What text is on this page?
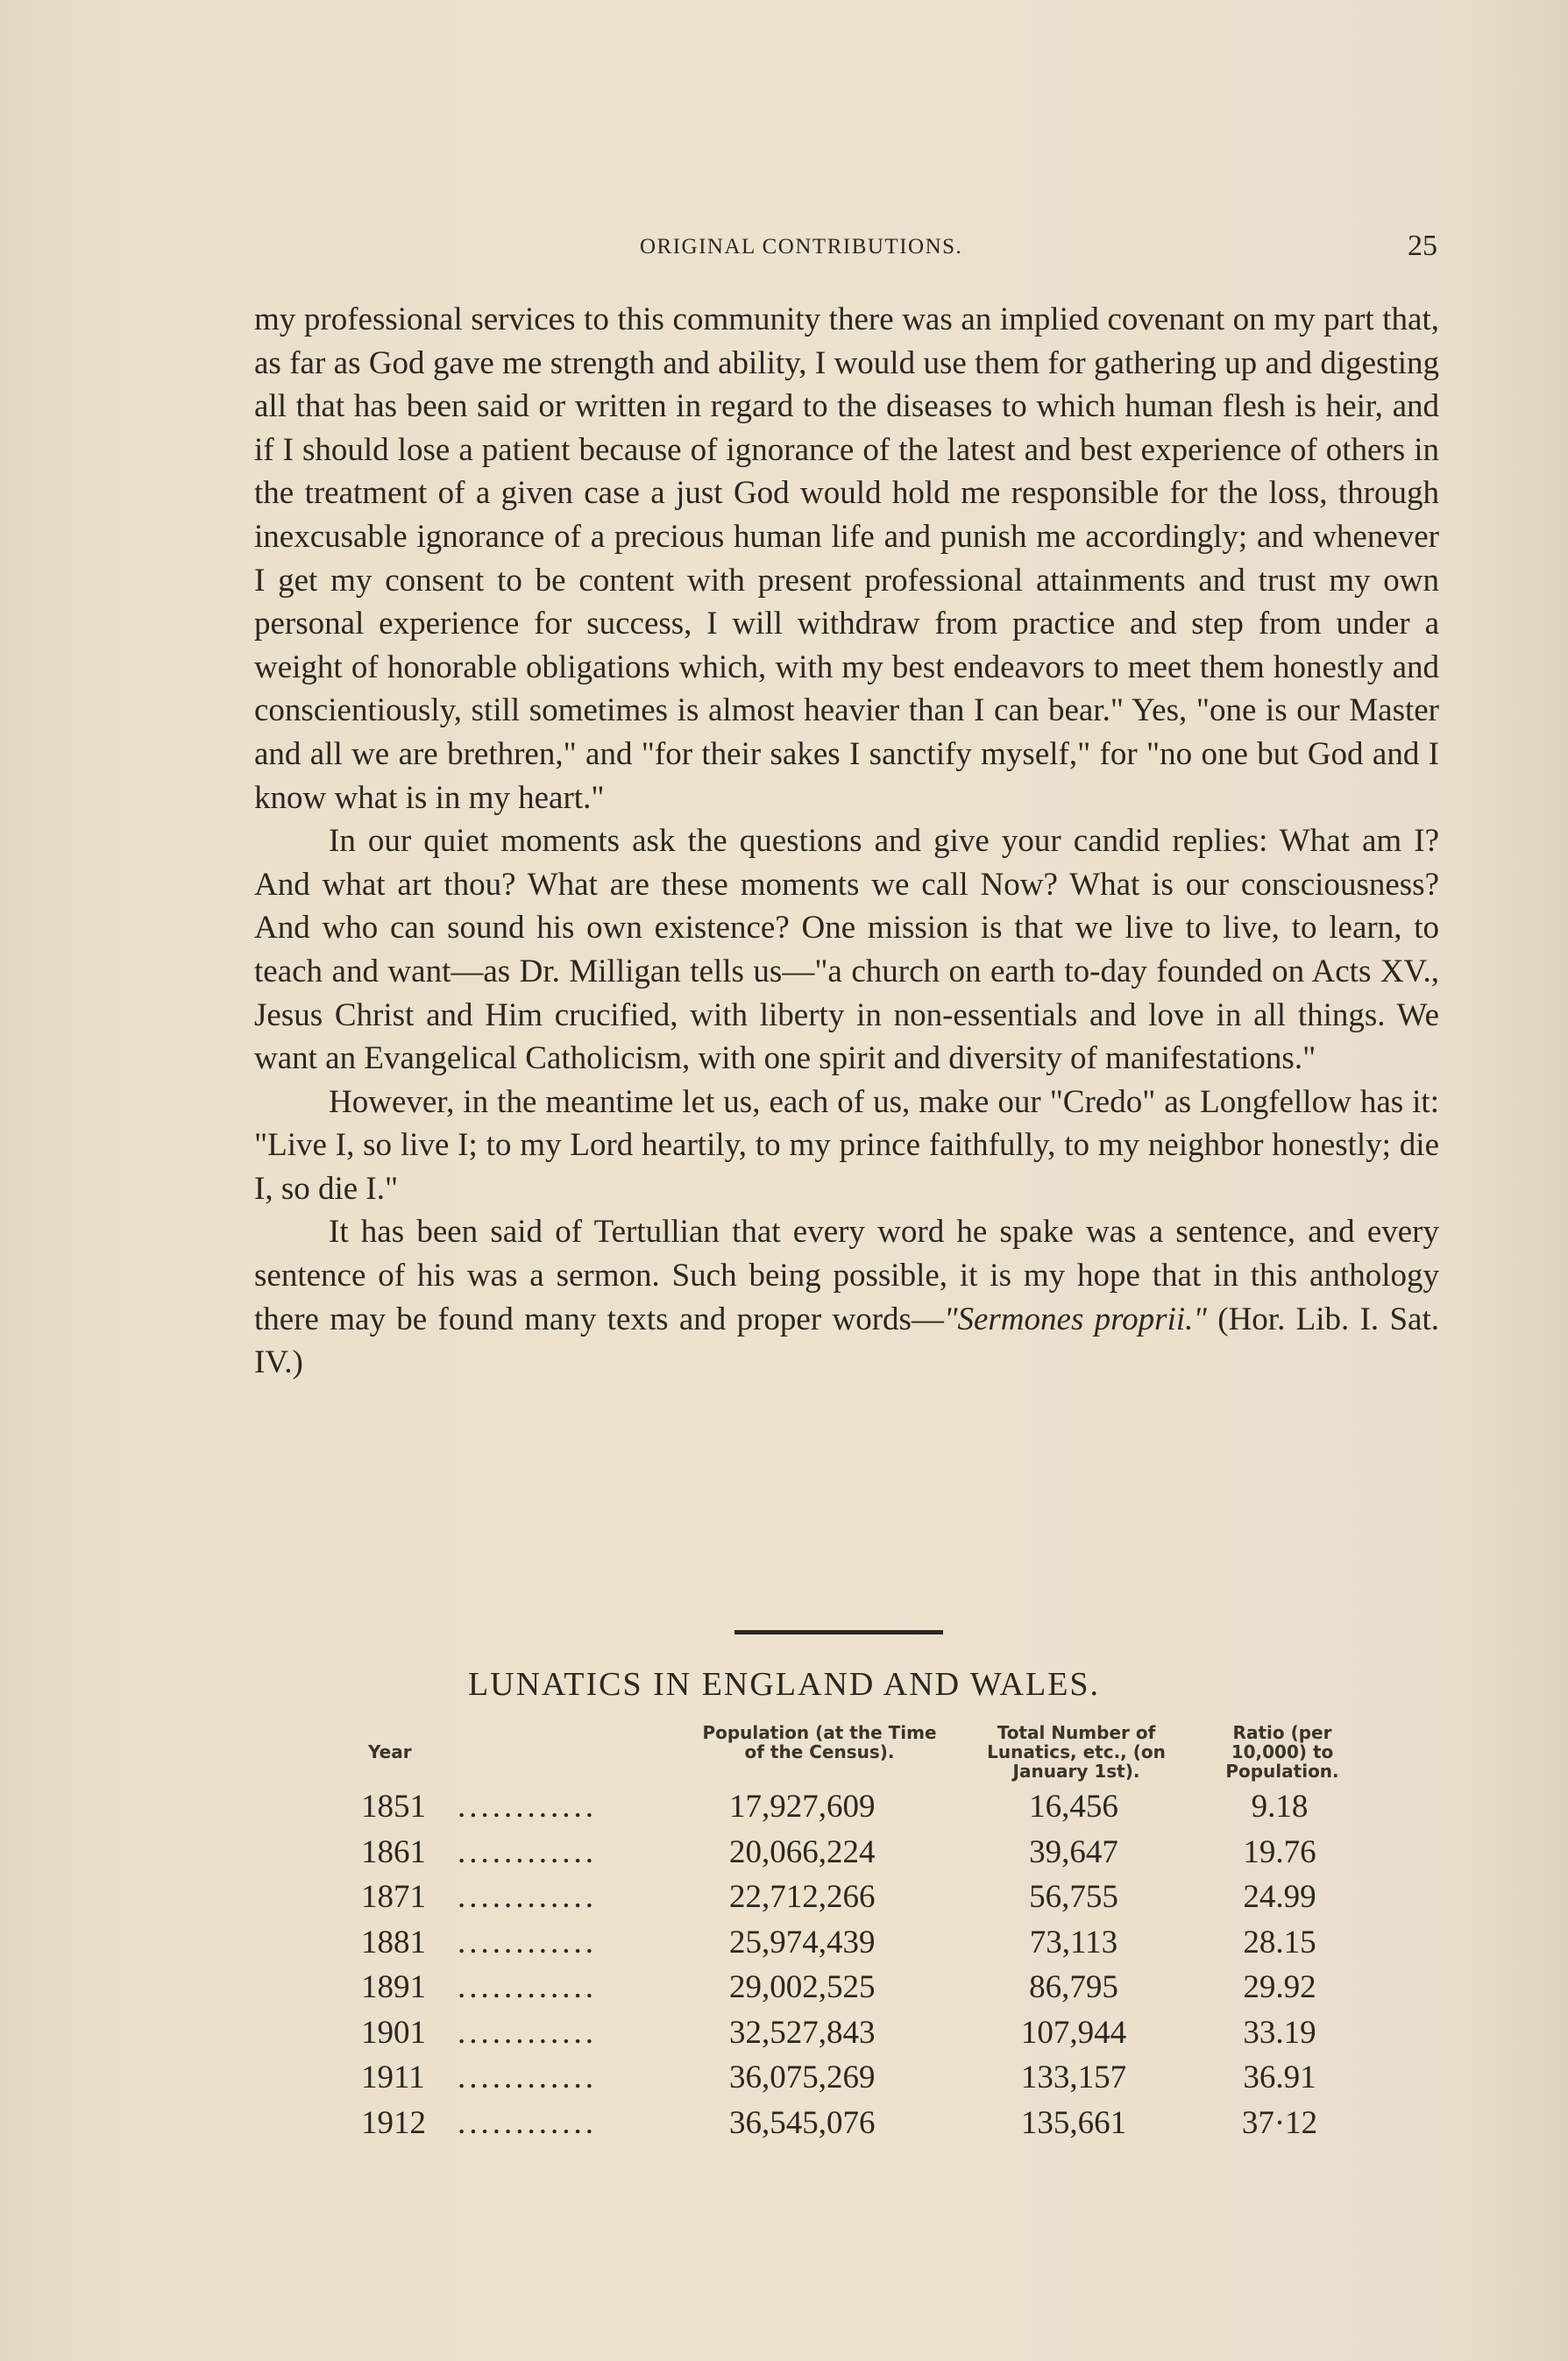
ORIGINAL CONTRIBUTIONS.	25

my professional services to this community there was an implied covenant on my part that, as far as God gave me strength and ability, I would use them for gathering up and digesting all that has been said or written in regard to the diseases to which human flesh is heir, and if I should lose a patient because of ignorance of the latest and best experience of others in the treatment of a given case a just God would hold me responsible for the loss, through inexcusable ignorance of a precious human life and punish me accordingly; and whenever I get my consent to be content with present professional attainments and trust my own personal experience for success, I will withdraw from practice and step from under a weight of honorable obligations which, with my best endeavors to meet them honestly and conscientiously, still sometimes is almost heavier than I can bear." Yes, "one is our Master and all we are brethren," and "for their sakes I sanctify myself," for "no one but God and I know what is in my heart."

In our quiet moments ask the questions and give your candid replies: What am I? And what art thou? What are these moments we call Now? What is our consciousness? And who can sound his own existence? One mission is that we live to live, to learn, to teach and want—as Dr. Milligan tells us—"a church on earth to-day founded on Acts XV., Jesus Christ and Him crucified, with liberty in non-essentials and love in all things. We want an Evangelical Catholicism, with one spirit and diversity of manifestations."

However, in the meantime let us, each of us, make our "Credo" as Longfellow has it: "Live I, so live I; to my Lord heartily, to my prince faithfully, to my neighbor honestly; die I, so die I."

It has been said of Tertullian that every word he spake was a sentence, and every sentence of his was a sermon. Such being possible, it is my hope that in this anthology there may be found many texts and proper words—"Sermones proprii." (Hor. Lib. I. Sat. IV.)

LUNATICS IN ENGLAND AND WALES.
Year
Population (at the Time of the Census).
Total Number of Lunatics, etc., (on January 1st).
Ratio (per 10,000) to Population.
1851 ............	17,927,609	16,456	9.18
1861 ............	20,066,224	39,647	19.76
1871 ............	22,712,266	56,755	24.99
1881 ............	25,974,439	73,113	28.15
1891 ............	29,002,525	86,795	29.92
1901 ............	32,527,843	107,944	33.19
1911 ............	36,075,269	133,157	36.91
1912 ............	36,545,076	135,661	37·12
